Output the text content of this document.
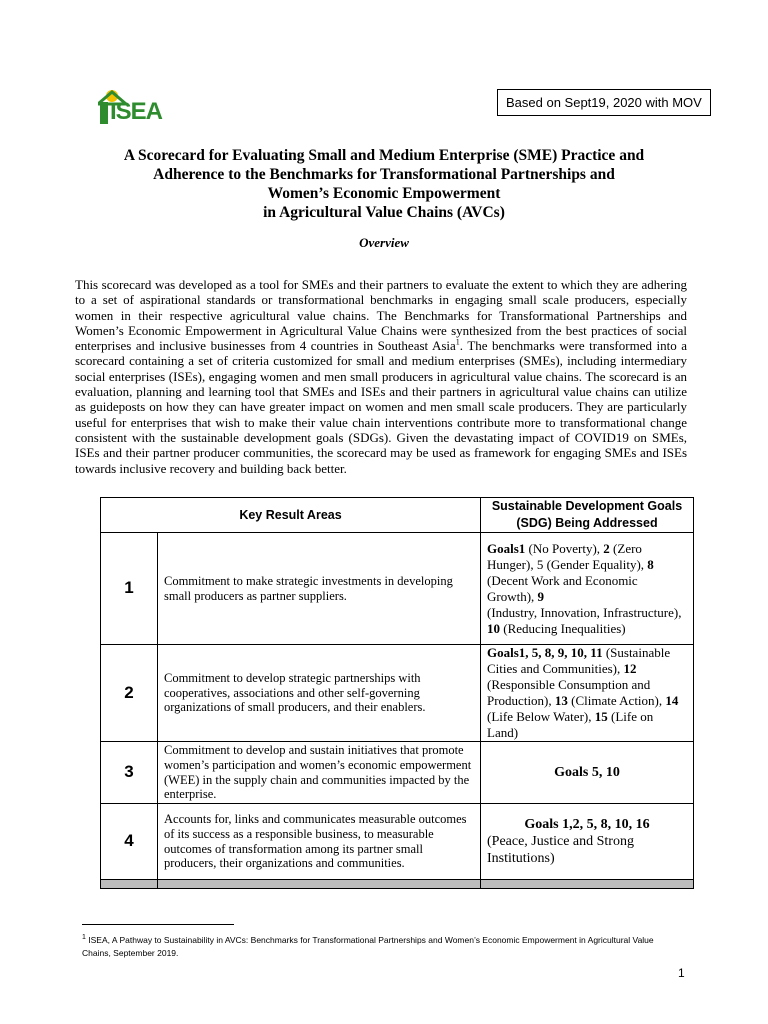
ISEA	Based on Sept19, 2020 with MOV
A Scorecard for Evaluating Small and Medium Enterprise (SME) Practice and
Adherence to the Benchmarks for Transformational Partnerships and
Women’s Economic Empowerment
in Agricultural Value Chains (AVCs)
Overview

This scorecard was developed as a tool for SMEs and their partners to evaluate the extent to which they are adhering to a set of aspirational standards or transformational benchmarks in engaging small scale producers, especially women in their respective agricultural value chains. The Benchmarks for Transformational Partnerships and Women’s Economic Empowerment in Agricultural Value Chains were synthesized from the best practices of social enterprises and inclusive businesses from 4 countries in Southeast Asia$^1$. The benchmarks were transformed into a scorecard containing a set of criteria customized for small and medium enterprises (SMEs), including intermediary social enterprises (ISEs), engaging women and men small producers in agricultural value chains. The scorecard is an evaluation, planning and learning tool that SMEs and ISEs and their partners in agricultural value chains can utilize as guideposts on how they can have greater impact on women and men small scale producers. They are particularly useful for enterprises that wish to make their value chain interventions contribute more to transformational change consistent with the sustainable development goals (SDGs). Given the devastating impact of COVID19 on SMEs, ISEs and their partner producer communities, the scorecard may be used as framework for engaging SMEs and ISEs towards inclusive recovery and building back better.

Key Result Areas		Sustainable Development Goals (SDG) Being Addressed
1	Commitment to make strategic investments in developing small producers as partner suppliers.	Goals1 (No Poverty), 2 (Zero Hunger), 5 (Gender Equality), 8 (Decent Work and Economic Growth), 9
(Industry, Innovation, Infrastructure), 10 (Reducing Inequalities)
2	Commitment to develop strategic partnerships with cooperatives, associations and other self-governing organizations of small producers, and their enablers.	Goals1, 5, 8, 9, 10, 11 (Sustainable Cities and Communities), 12 (Responsible Consumption and Production), 13 (Climate Action), 14 (Life Below Water), 15 (Life on Land)
3	Commitment to develop and sustain initiatives that promote women’s participation and women’s economic empowerment (WEE) in the supply chain and communities impacted by the enterprise.	Goals 5, 10
4	Accounts for, links and communicates measurable outcomes of its success as a responsible business, to measurable outcomes of transformation among its partner small producers, their organizations and communities.	Goals 1,2, 5, 8, 10, 16
(Peace, Justice and Strong Institutions)

$^1$ ISEA, A Pathway to Sustainability in AVCs: Benchmarks for Transformational Partnerships and Women’s Economic Empowerment in Agricultural Value Chains, September 2019.
1
